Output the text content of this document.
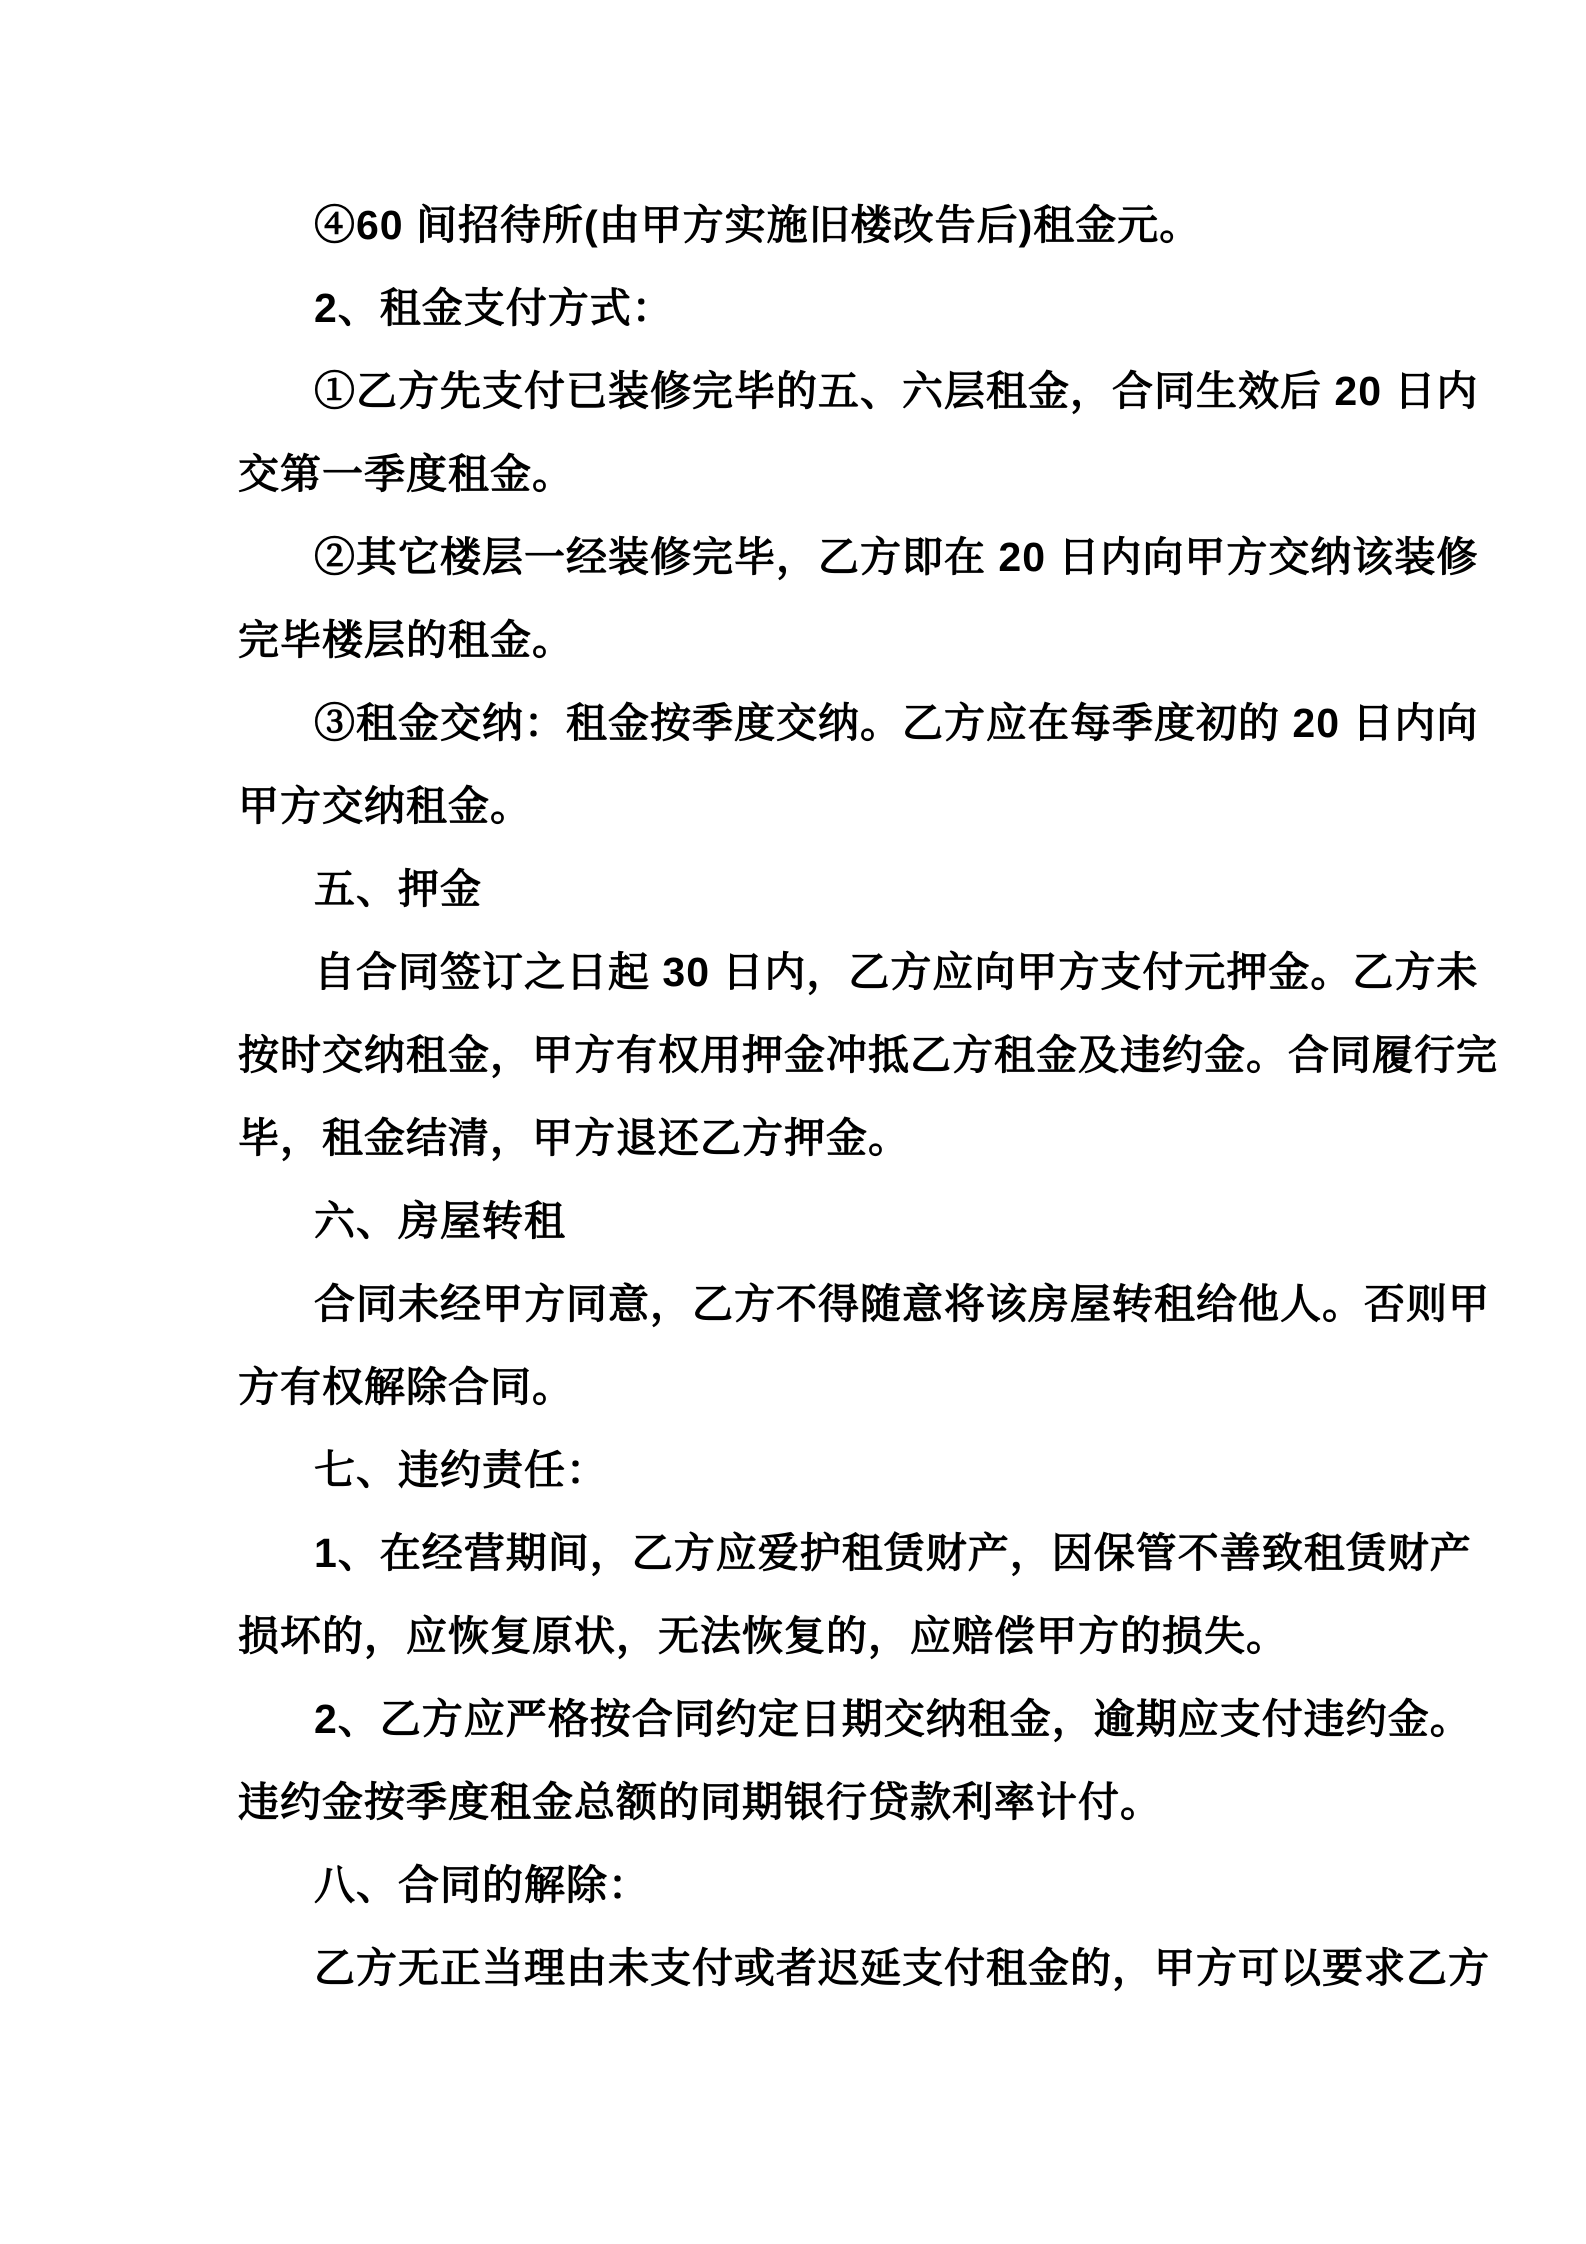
④60 间招待所(由甲方实施旧楼改告后)租金元。
2、租金支付方式：
①乙方先支付已装修完毕的五、六层租金，合同生效后 20 日内
交第一季度租金。
②其它楼层一经装修完毕，乙方即在 20 日内向甲方交纳该装修
完毕楼层的租金。
③租金交纳：租金按季度交纳。乙方应在每季度初的 20 日内向
甲方交纳租金。
五、押金
自合同签订之日起 30 日内，乙方应向甲方支付元押金。乙方未
按时交纳租金，甲方有权用押金冲抵乙方租金及违约金。合同履行完
毕，租金结清，甲方退还乙方押金。
六、房屋转租
合同未经甲方同意，乙方不得随意将该房屋转租给他人。否则甲
方有权解除合同。
七、违约责任：
1、在经营期间，乙方应爱护租赁财产，因保管不善致租赁财产
损坏的，应恢复原状，无法恢复的，应赔偿甲方的损失。
2、乙方应严格按合同约定日期交纳租金，逾期应支付违约金。
违约金按季度租金总额的同期银行贷款利率计付。
八、合同的解除：
乙方无正当理由未支付或者迟延支付租金的，甲方可以要求乙方
